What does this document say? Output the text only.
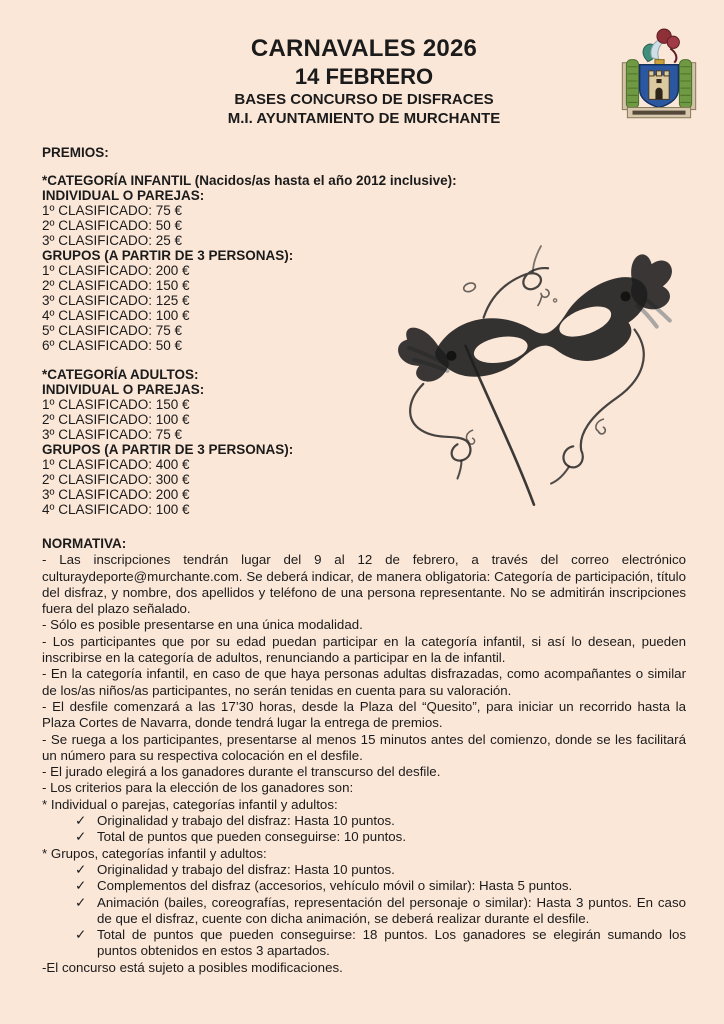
CARNAVALES 2026
14 FEBRERO
BASES CONCURSO DE DISFRACES
M.I. AYUNTAMIENTO DE MURCHANTE
PREMIOS:
*CATEGORÍA INFANTIL (Nacidos/as hasta el año 2012 inclusive):
INDIVIDUAL O PAREJAS:
1º CLASIFICADO: 75 €
2º CLASIFICADO: 50 €
3º CLASIFICADO: 25 €
GRUPOS (A PARTIR DE 3 PERSONAS):
1º CLASIFICADO: 200 €
2º CLASIFICADO: 150 €
3º CLASIFICADO: 125 €
4º CLASIFICADO: 100 €
5º CLASIFICADO: 75 €
6º CLASIFICADO: 50 €
*CATEGORÍA ADULTOS:
INDIVIDUAL O PAREJAS:
1º CLASIFICADO: 150 €
2º CLASIFICADO: 100 €
3º CLASIFICADO: 75 €
GRUPOS (A PARTIR DE 3 PERSONAS):
1º CLASIFICADO: 400 €
2º CLASIFICADO: 300 €
3º CLASIFICADO: 200 €
4º CLASIFICADO: 100 €
NORMATIVA:

- Las inscripciones tendrán lugar del 9 al 12 de febrero, a través del correo electrónico culturaydeporte@murchante.com. Se deberá indicar, de manera obligatoria: Categoría de participación, título del disfraz, y nombre, dos apellidos y teléfono de una persona representante. No se admitirán inscripciones fuera del plazo señalado.

- Sólo es posible presentarse en una única modalidad.

- Los participantes que por su edad puedan participar en la categoría infantil, si así lo desean, pueden inscribirse en la categoría de adultos, renunciando a participar en la de infantil.

- En la categoría infantil, en caso de que haya personas adultas disfrazadas, como acompañantes o similar de los/as niños/as participantes, no serán tenidas en cuenta para su valoración.

- El desfile comenzará a las 17’30 horas, desde la Plaza del “Quesito”, para iniciar un recorrido hasta la Plaza Cortes de Navarra, donde tendrá lugar la entrega de premios.

- Se ruega a los participantes, presentarse al menos 15 minutos antes del comienzo, donde se les facilitará un número para su respectiva colocación en el desfile.

- El jurado elegirá a los ganadores durante el transcurso del desfile.

- Los criterios para la elección de los ganadores son:

* Individual o parejas, categorías infantil y adultos:

✓ Originalidad y trabajo del disfraz: Hasta 10 puntos.
✓ Total de puntos que pueden conseguirse: 10 puntos.

* Grupos, categorías infantil y adultos:

✓ Originalidad y trabajo del disfraz: Hasta 10 puntos.
✓ Complementos del disfraz (accesorios, vehículo móvil o similar): Hasta 5 puntos.
✓ Animación (bailes, coreografías, representación del personaje o similar): Hasta 3 puntos. En caso de que el disfraz, cuente con dicha animación, se deberá realizar durante el desfile.
✓ Total de puntos que pueden conseguirse: 18 puntos. Los ganadores se elegirán sumando los puntos obtenidos en estos 3 apartados.

-El concurso está sujeto a posibles modificaciones.
